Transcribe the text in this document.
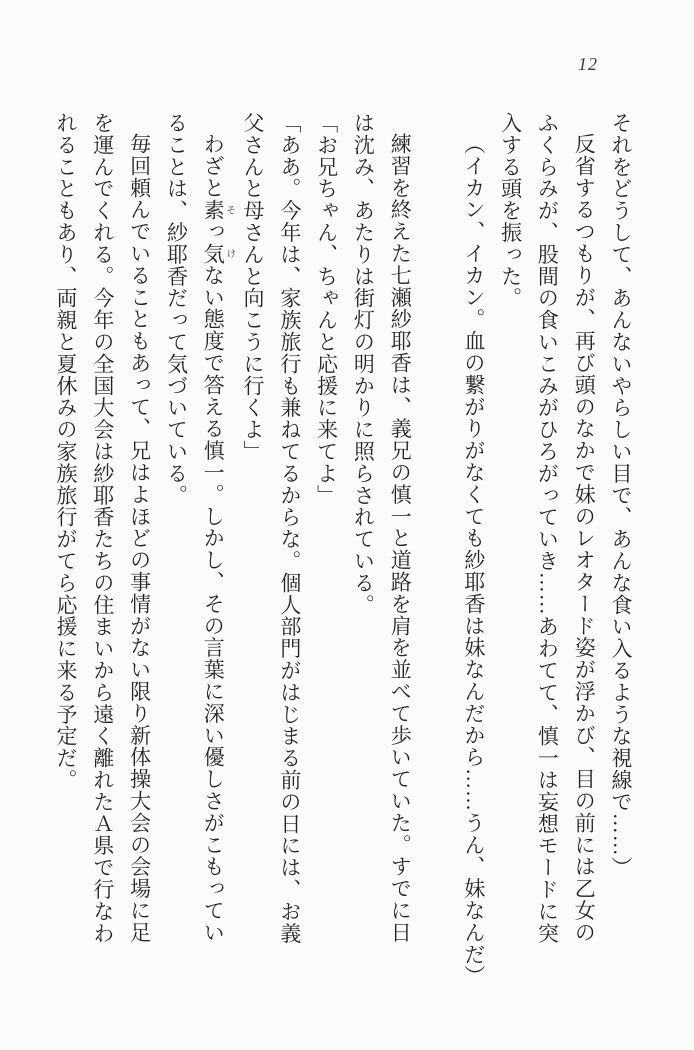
12
それをどうして、あんないやらしい目で、あんな食い入るような視線で……）
反省するつもりが、再び頭のなかで妹のレオタード姿が浮かび、目の前には乙女の
ふくらみが、股間の食いこみがひろがっていき……あわてて、慎一は妄想モードに突
入する頭を振った。
（イカン、イカン。血の繋がりがなくても紗耶香は妹なんだから……うん、妹なんだ）
練習を終えた七瀬紗耶香は、義兄の慎一と道路を肩を並べて歩いていた。すでに日
は沈み、あたりは街灯の明かりに照らされている。
「お兄ちゃん、ちゃんと応援に来てよ」
「ああ。今年は、家族旅行も兼ねてるからな。個人部門がはじまる前の日には、お義
父さんと母さんと向こうに行くよ」
わざと素 そっ気 けない態度で答える慎一。しかし、その言葉に深い優しさがこもってい
ることは、紗耶香だって気づいている。
毎回頼んでいることもあって、兄はよほどの事情がない限り新体操大会の会場に足
を運んでくれる。今年の全国大会は紗耶香たちの住まいから遠く離れたＡ県で行なわ
れることもあり、両親と夏休みの家族旅行がてら応援に来る予定だ。
